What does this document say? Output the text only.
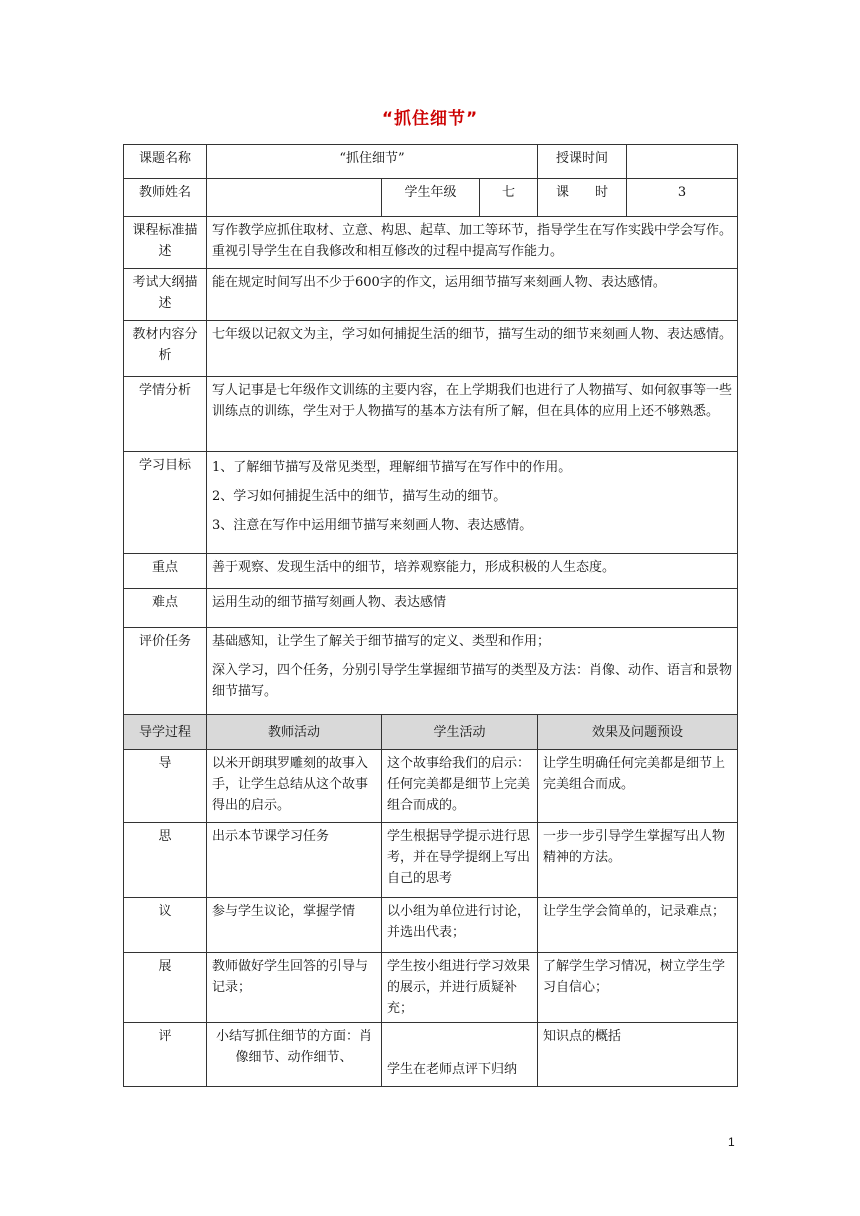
“抓住细节”
课题名称	“抓住细节”			授课时间	
教师姓名		学生年级	七	课　　时	3
课程标准描述	写作教学应抓住取材、立意、构思、起草、加工等环节，指导学生在写作实践中学会写作。重视引导学生在自我修改和相互修改的过程中提高写作能力。				
考试大纲描述	能在规定时间写出不少于600字的作文，运用细节描写来刻画人物、表达感情。				
教材内容分析	七年级以记叙文为主，学习如何捕捉生活的细节，描写生动的细节来刻画人物、表达感情。				
学情分析	写人记事是七年级作文训练的主要内容，在上学期我们也进行了人物描写、如何叙事等一些训练点的训练，学生对于人物描写的基本方法有所了解，但在具体的应用上还不够熟悉。				
学习目标	1、了解细节描写及常见类型，理解细节描写在写作中的作用。

2、学习如何捕捉生活中的细节，描写生动的细节。

3、注意在写作中运用细节描写来刻画人物、表达感情。				

重点	善于观察、发现生活中的细节，培养观察能力，形成积极的人生态度。				
难点	运用生动的细节描写刻画人物、表达感情				
评价任务	基础感知，让学生了解关于细节描写的定义、类型和作用；

深入学习，四个任务，分别引导学生掌握细节描写的类型及方法：肖像、动作、语言和景物细节描写。				

导学过程	教师活动	学生活动		效果及问题预设	
导	以米开朗琪罗雕刻的故事入手，让学生总结从这个故事得出的启示。	这个故事给我们的启示：任何完美都是细节上完美组合而成的。		让学生明确任何完美都是细节上完美组合而成。	
思	出示本节课学习任务	学生根据导学提示进行思考，并在导学提纲上写出自己的思考		一步一步引导学生掌握写出人物精神的方法。	
议	参与学生议论，掌握学情	以小组为单位进行讨论，并选出代表；		让学生学会简单的，记录难点；	
展	教师做好学生回答的引导与记录；	学生按小组进行学习效果的展示，并进行质疑补充；		了解学生学习情况，树立学生学习自信心；	
评	小结写抓住细节的方面：肖像细节、动作细节、	学生在老师点评下归纳		知识点的概括	
1
